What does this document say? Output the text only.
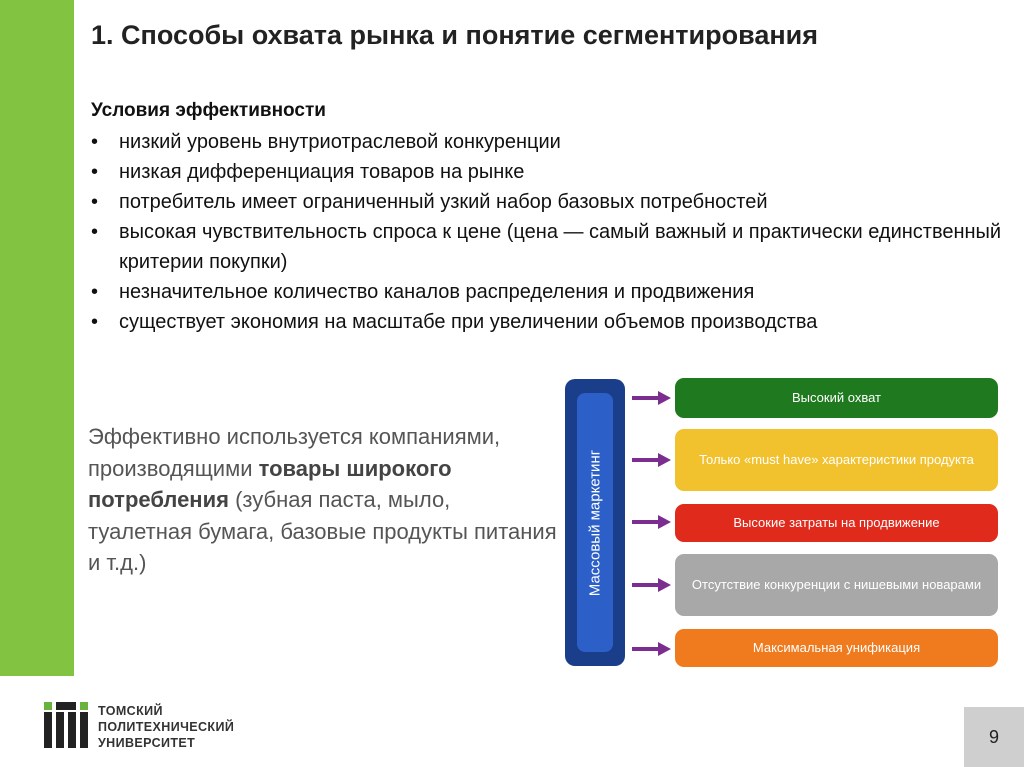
1. Способы охвата рынка и понятие сегментирования
Условия эффективности
• низкий уровень внутриотраслевой конкуренции
• низкая дифференциация товаров на рынке
• потребитель имеет ограниченный узкий набор базовых потребностей
• высокая чувствительность спроса к цене (цена — самый важный и практически единственный критерии покупки)
• незначительное количество каналов распределения и продвижения
• существует экономия на масштабе при увеличении объемов производства
Эффективно используется компаниями, производящими товары широкого потребления (зубная паста, мыло, туалетная бумага, базовые продукты питания и т.д.)	Массовый маркетинг
Высокий охват
Только «must have» характеристики продукта
Высокие затраты на продвижение
Отсутствие конкуренции с нишевыми новарами
Максимальная унификация
ТОМСКИЙ
ПОЛИТЕХНИЧЕСКИЙ
УНИВЕРСИТЕТ	9
